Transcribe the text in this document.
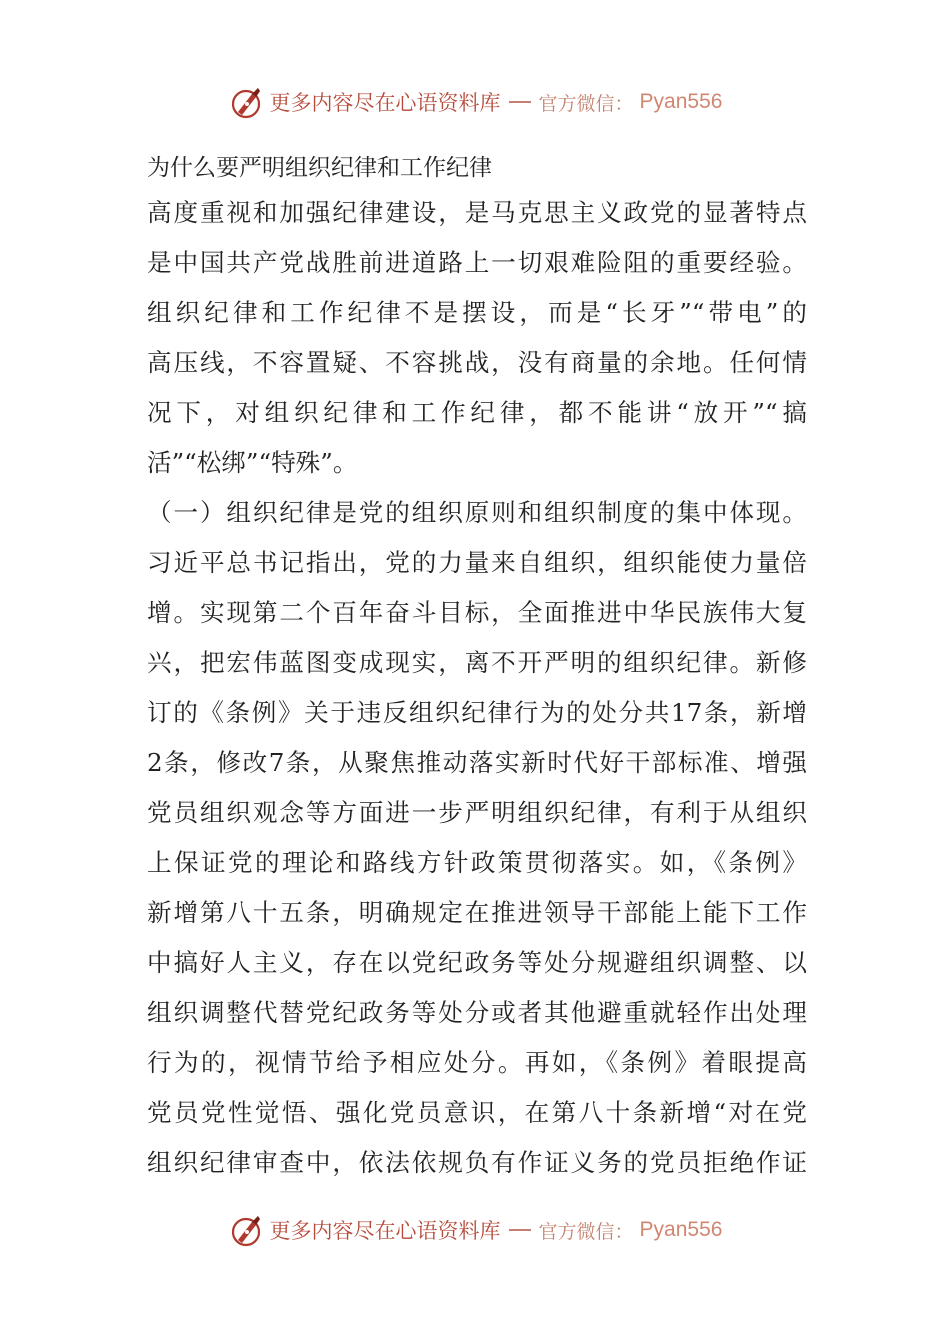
更多内容尽在心语资料库 官方微信： Pyan556
为什么要严明组织纪律和工作纪律
高度重视和加强纪律建设，是马克思主义政党的显著特点
是中国共产党战胜前进道路上一切艰难险阻的重要经验。
组织纪律和工作纪律不是摆设，而是“长牙”“带电”的
高压线，不容置疑、不容挑战，没有商量的余地。任何情
况下，对组织纪律和工作纪律，都不能讲“放开”“搞
活”“松绑”“特殊”。
（一）组织纪律是党的组织原则和组织制度的集中体现。
习近平总书记指出，党的力量来自组织，组织能使力量倍
增。实现第二个百年奋斗目标，全面推进中华民族伟大复
兴，把宏伟蓝图变成现实，离不开严明的组织纪律。新修
订的《条例》关于违反组织纪律行为的处分共17条，新增
2条，修改7条，从聚焦推动落实新时代好干部标准、增强
党员组织观念等方面进一步严明组织纪律，有利于从组织
上保证党的理论和路线方针政策贯彻落实。如，《条例》
新增第八十五条，明确规定在推进领导干部能上能下工作
中搞好人主义，存在以党纪政务等处分规避组织调整、以
组织调整代替党纪政务等处分或者其他避重就轻作出处理
行为的，视情节给予相应处分。再如，《条例》着眼提高
党员党性觉悟、强化党员意识，在第八十条新增“对在党
组织纪律审查中，依法依规负有作证义务的党员拒绝作证
更多内容尽在心语资料库 官方微信： Pyan556
